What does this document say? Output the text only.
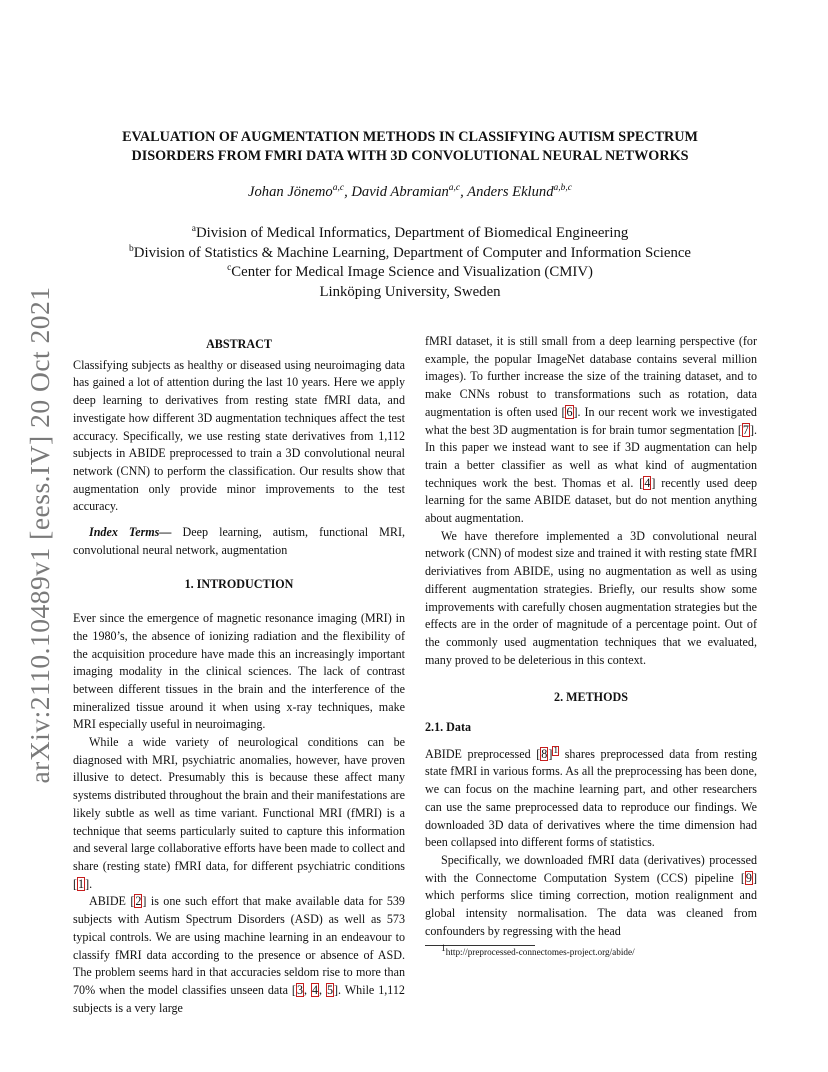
arXiv:2110.10489v1 [eess.IV] 20 Oct 2021
EVALUATION OF AUGMENTATION METHODS IN CLASSIFYING AUTISM SPECTRUM
DISORDERS FROM FMRI DATA WITH 3D CONVOLUTIONAL NEURAL NETWORKS
Johan Jönemo$^{a,c}$, David Abramian$^{a,c}$, Anders Eklund$^{a,b,c}$
$^a$Division of Medical Informatics, Department of Biomedical Engineering
$^b$Division of Statistics & Machine Learning, Department of Computer and Information Science
$^c$Center for Medical Image Science and Visualization (CMIV)
Linköping University, Sweden
ABSTRACT

Classifying subjects as healthy or diseased using neuroimaging data has gained a lot of attention during the last 10 years. Here we apply deep learning to derivatives from resting state fMRI data, and investigate how different 3D augmentation techniques affect the test accuracy. Specifically, we use resting state derivatives from 1,112 subjects in ABIDE preprocessed to train a 3D convolutional neural network (CNN) to perform the classification. Our results show that augmentation only provide minor improvements to the test accuracy.

Index Terms— Deep learning, autism, functional MRI, convolutional neural network, augmentation

1. INTRODUCTION

Ever since the emergence of magnetic resonance imaging (MRI) in the 1980’s, the absence of ionizing radiation and the flexibility of the acquisition procedure have made this an increasingly important imaging modality in the clinical sciences. The lack of contrast between different tissues in the brain and the interference of the mineralized tissue around it when using x-ray techniques, make MRI especially useful in neuroimaging.

While a wide variety of neurological conditions can be diagnosed with MRI, psychiatric anomalies, however, have proven illusive to detect. Presumably this is because these affect many systems distributed throughout the brain and their manifestations are likely subtle as well as time variant. Functional MRI (fMRI) is a technique that seems particularly suited to capture this information and several large collaborative efforts have been made to collect and share (resting state) fMRI data, for different psychiatric conditions [1].

ABIDE [2] is one such effort that make available data for 539 subjects with Autism Spectrum Disorders (ASD) as well as 573 typical controls. We are using machine learning in an endeavour to classify fMRI data according to the presence or absence of ASD. The problem seems hard in that accuracies seldom rise to more than 70% when the model classifies unseen data [3, 4, 5]. While 1,112 subjects is a very large

fMRI dataset, it is still small from a deep learning perspective (for example, the popular ImageNet database contains several million images). To further increase the size of the training dataset, and to make CNNs robust to transformations such as rotation, data augmentation is often used [6]. In our recent work we investigated what the best 3D augmentation is for brain tumor segmentation [7]. In this paper we instead want to see if 3D augmentation can help train a better classifier as well as what kind of augmentation techniques work the best. Thomas et al. [4] recently used deep learning for the same ABIDE dataset, but do not mention anything about augmentation.

We have therefore implemented a 3D convolutional neural network (CNN) of modest size and trained it with resting state fMRI deriviatives from ABIDE, using no augmentation as well as using different augmentation strategies. Briefly, our results show some improvements with carefully chosen augmentation strategies but the effects are in the order of magnitude of a percentage point. Out of the commonly used augmentation techniques that we evaluated, many proved to be deleterious in this context.

2. METHODS
2.1. Data

ABIDE preprocessed [8]$^1$ shares preprocessed data from resting state fMRI in various forms. As all the preprocessing has been done, we can focus on the machine learning part, and other researchers can use the same preprocessed data to reproduce our findings. We downloaded 3D data of derivatives where the time dimension had been collapsed into different forms of statistics.

Specifically, we downloaded fMRI data (derivatives) processed with the Connectome Computation System (CCS) pipeline [9] which performs slice timing correction, motion realignment and global intensity normalisation. The data was cleaned from confounders by regressing with the head

$^1$http://preprocessed-connectomes-project.org/abide/
